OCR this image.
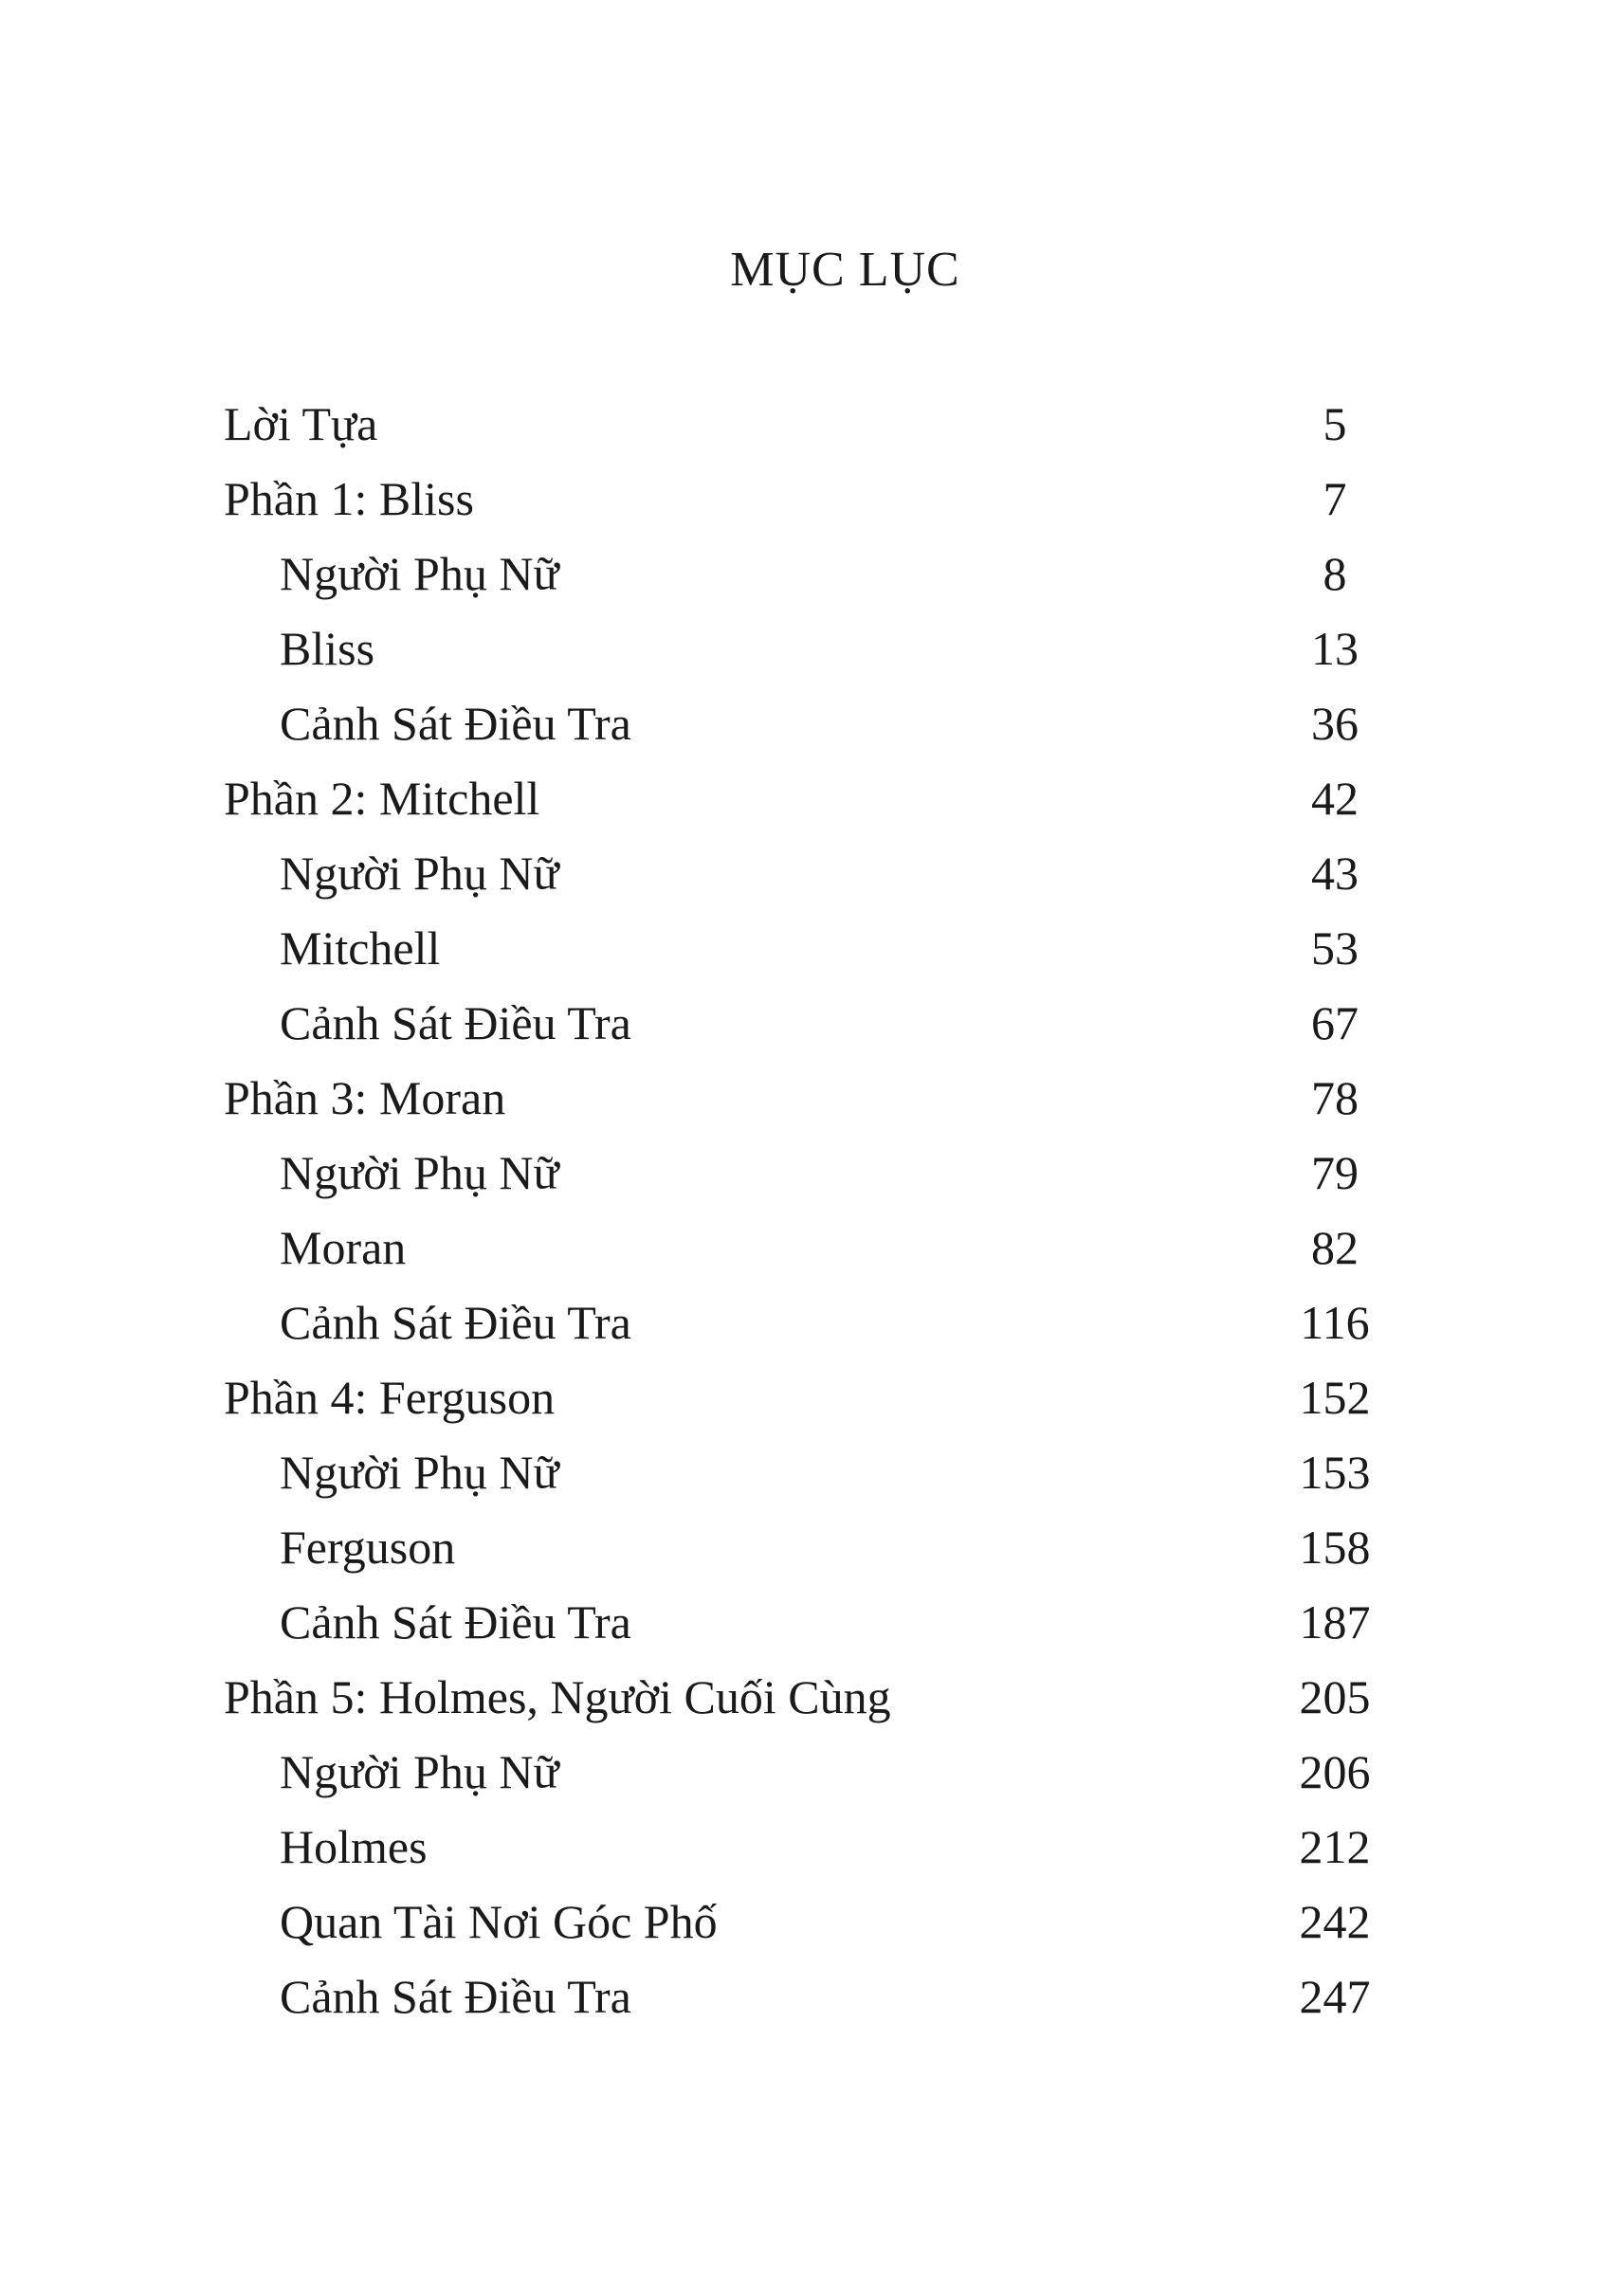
MỤC LỤC
Lời Tựa	5
Phần 1: Bliss	7
Người Phụ Nữ	8
Bliss	13
Cảnh Sát Điều Tra	36
Phần 2: Mitchell	42
Người Phụ Nữ	43
Mitchell	53
Cảnh Sát Điều Tra	67
Phần 3: Moran	78
Người Phụ Nữ	79
Moran	82
Cảnh Sát Điều Tra	116
Phần 4: Ferguson	152
Người Phụ Nữ	153
Ferguson	158
Cảnh Sát Điều Tra	187
Phần 5: Holmes, Người Cuối Cùng	205
Người Phụ Nữ	206
Holmes	212
Quan Tài Nơi Góc Phố	242
Cảnh Sát Điều Tra	247
